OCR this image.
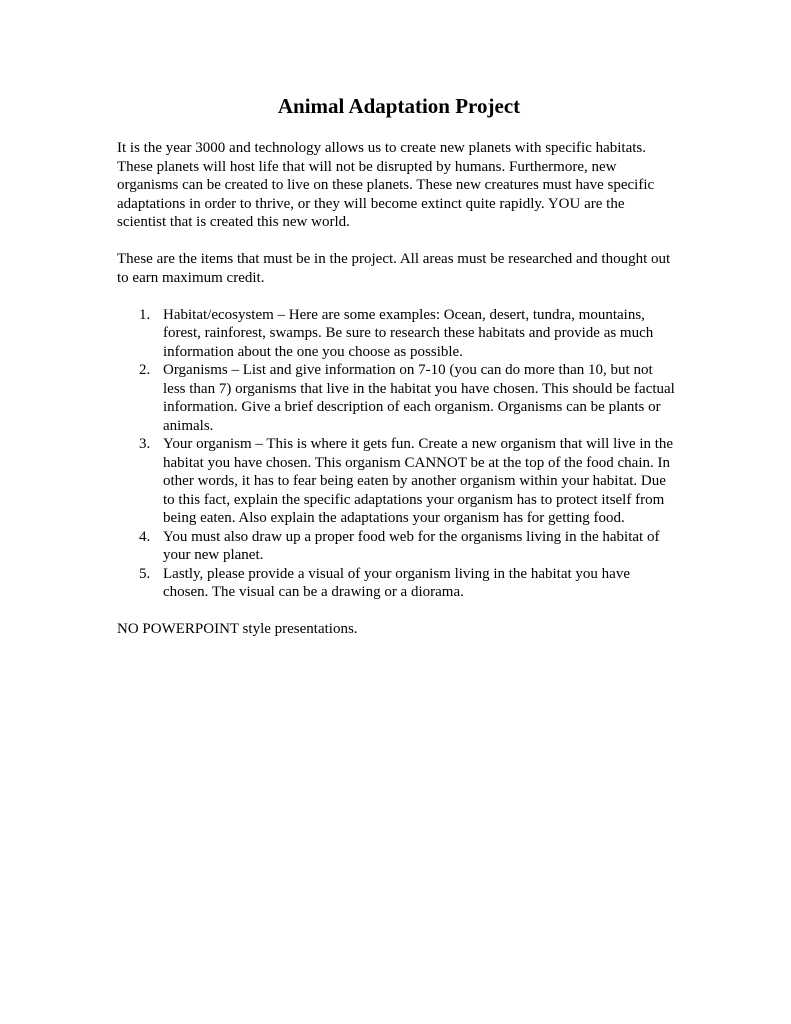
Animal Adaptation Project

It is the year 3000 and technology allows us to create new planets with specific habitats. These planets will host life that will not be disrupted by humans. Furthermore, new organisms can be created to live on these planets. These new creatures must have specific adaptations in order to thrive, or they will become extinct quite rapidly. YOU are the scientist that is created this new world.

These are the items that must be in the project. All areas must be researched and thought out to earn maximum credit.

1. Habitat/ecosystem – Here are some examples: Ocean, desert, tundra, mountains, forest, rainforest, swamps. Be sure to research these habitats and provide as much information about the one you choose as possible.
2. Organisms – List and give information on 7-10 (you can do more than 10, but not less than 7) organisms that live in the habitat you have chosen. This should be factual information. Give a brief description of each organism. Organisms can be plants or animals.
3. Your organism – This is where it gets fun. Create a new organism that will live in the habitat you have chosen. This organism CANNOT be at the top of the food chain. In other words, it has to fear being eaten by another organism within your habitat. Due to this fact, explain the specific adaptations your organism has to protect itself from being eaten. Also explain the adaptations your organism has for getting food.
4. You must also draw up a proper food web for the organisms living in the habitat of your new planet.
5. Lastly, please provide a visual of your organism living in the habitat you have chosen. The visual can be a drawing or a diorama.

NO POWERPOINT style presentations.
